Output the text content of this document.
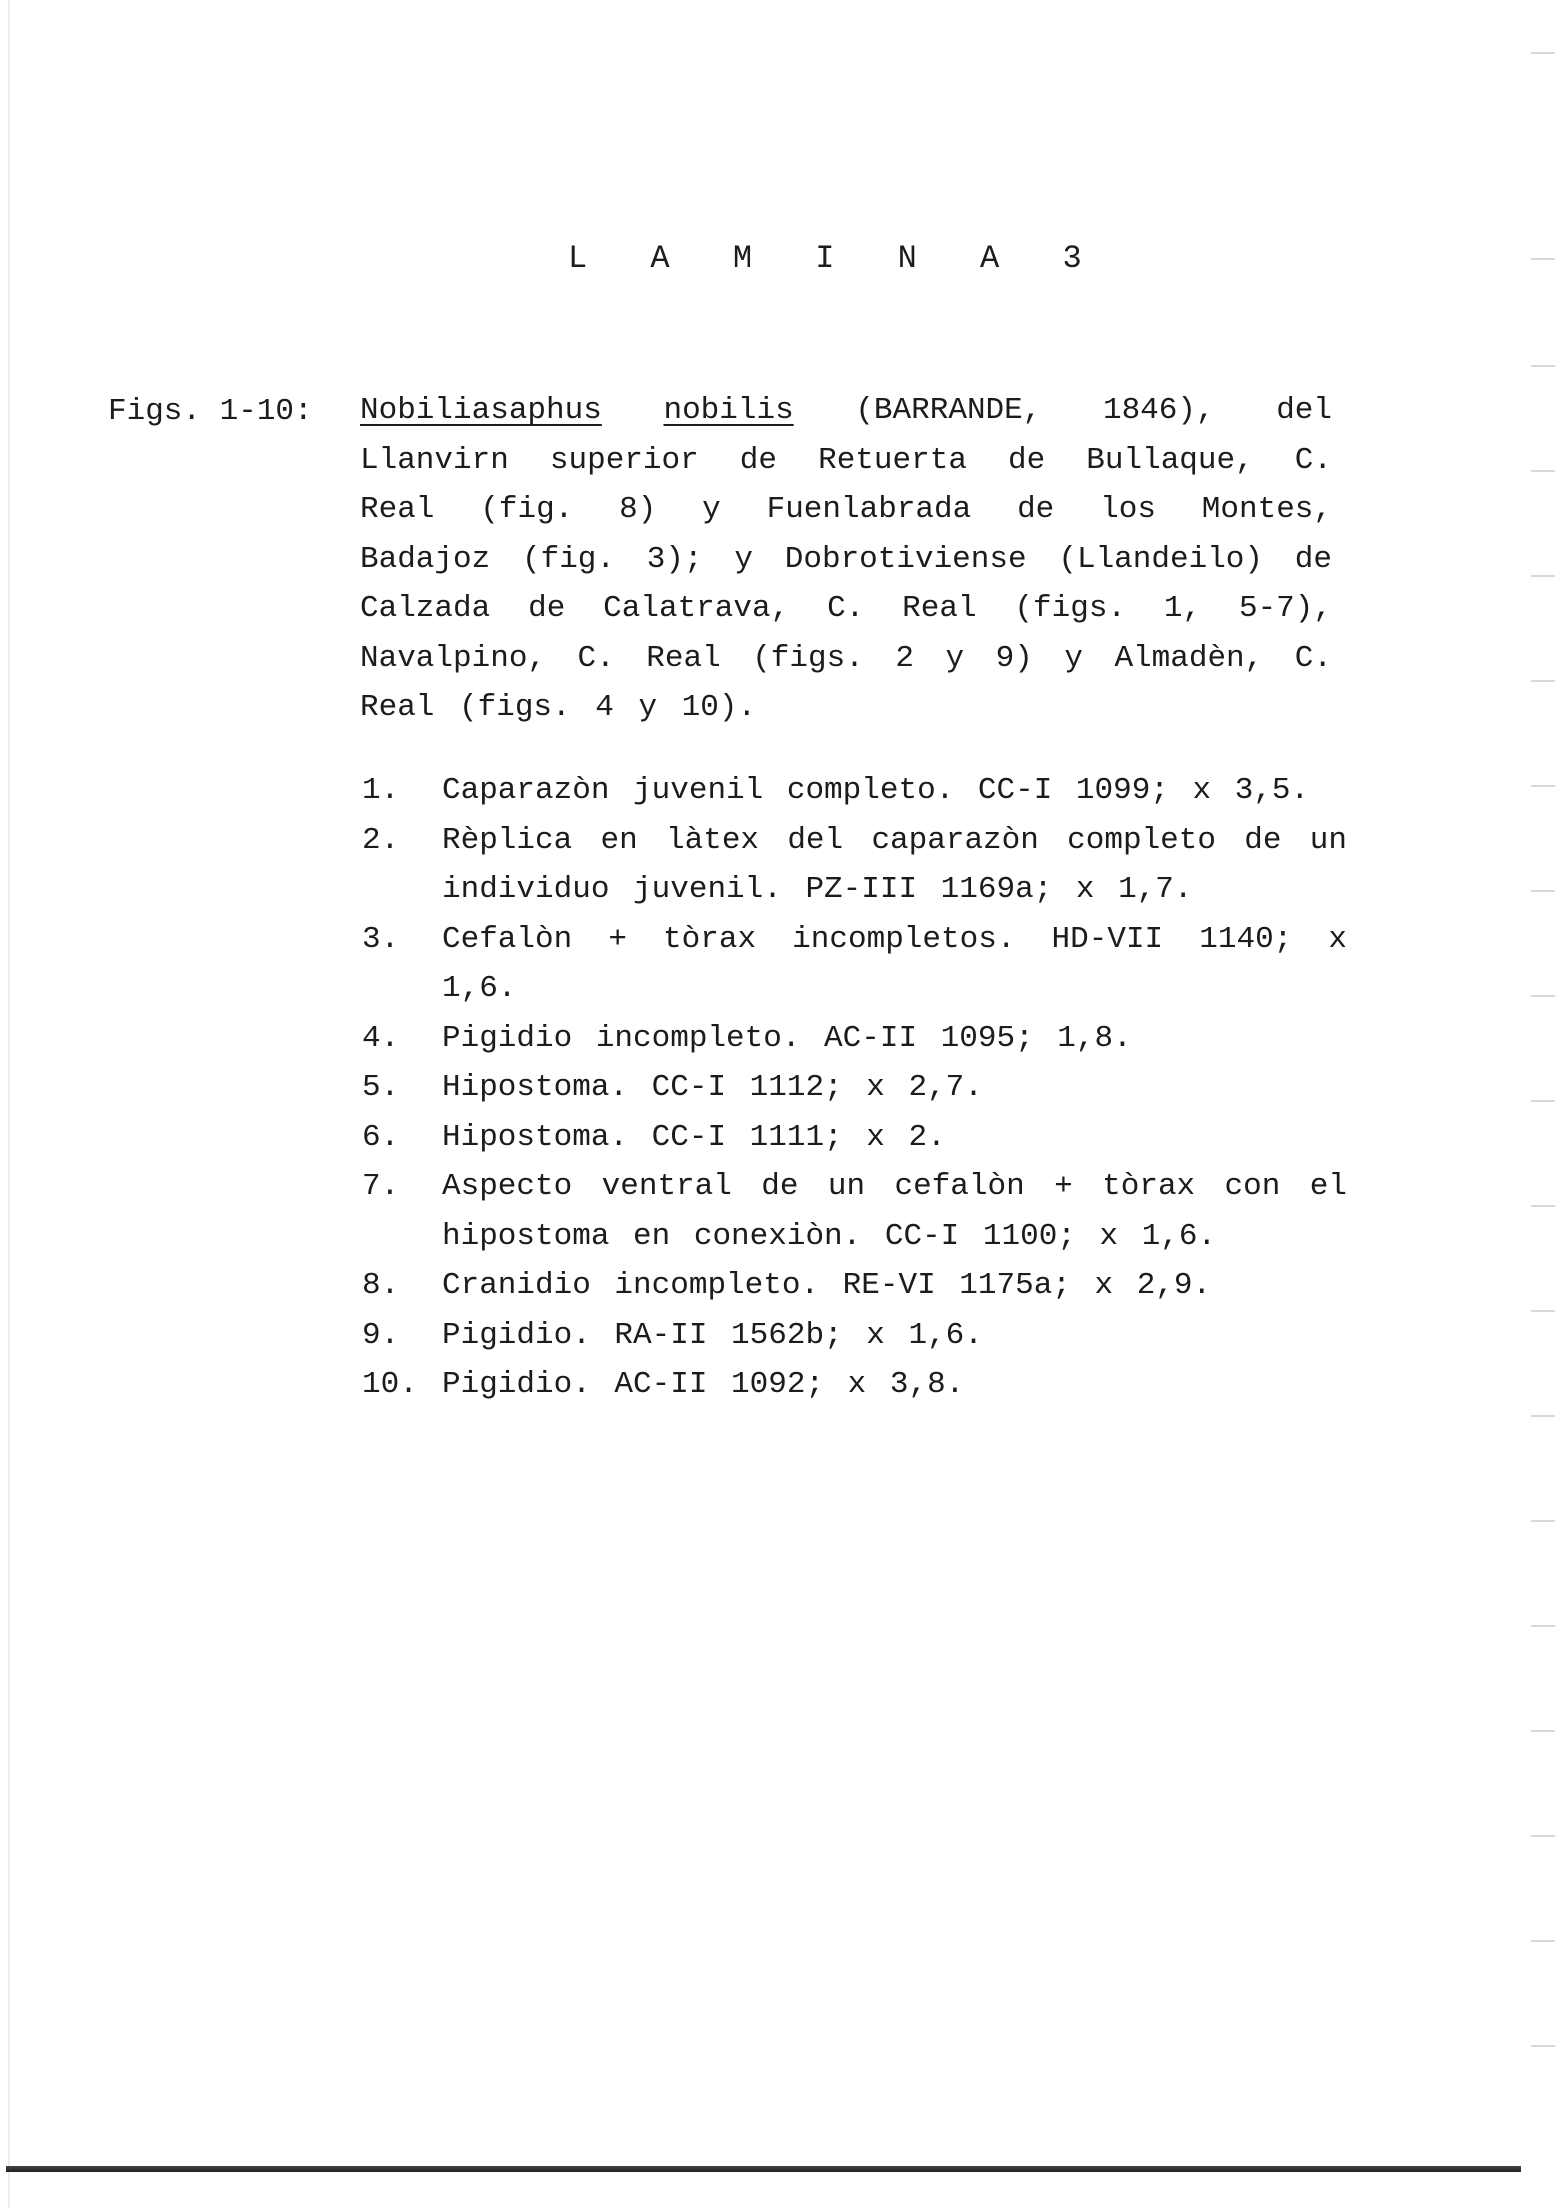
L A M I N A 3
Figs. 1-10: Nobiliasaphus nobilis (BARRANDE, 1846), del Llanvirn superior de Retuerta de Bullaque, C. Real (fig. 8) y Fuenlabrada de los Montes, Badajoz (fig. 3); y Dobrotiviense (Llandeilo) de Calzada de Calatrava, C. Real (figs. 1, 5-7), Navalpino, C. Real (figs. 2 y 9) y Almadèn, C. Real (figs. 4 y 10).
1.	Caparazòn juvenil completo. CC-I 1099; x 3,5.
2.	Rèplica en làtex del caparazòn completo de un individuo juvenil. PZ-III 1169a; x 1,7.
3.	Cefalòn + tòrax incompletos. HD-VII 1140; x 1,6.
4.	Pigidio incompleto. AC-II 1095; 1,8.
5.	Hipostoma. CC-I 1112; x 2,7.
6.	Hipostoma. CC-I 1111; x 2.
7.	Aspecto ventral de un cefalòn + tòrax con el hipostoma en conexiòn. CC-I 1100; x 1,6.
8.	Cranidio incompleto. RE-VI 1175a; x 2,9.
9.	Pigidio. RA-II 1562b; x 1,6.
10. Pigidio. AC-II 1092; x 3,8.
